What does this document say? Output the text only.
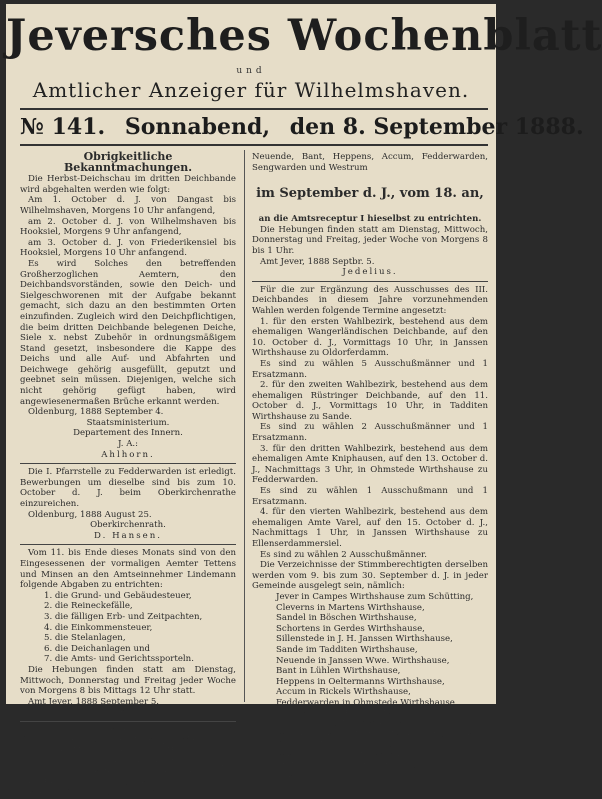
Jeversches Wochenblatt
und
Amtlicher Anzeiger für Wilhelmshaven.
№ 141. Sonnabend, den 8. September 1888.

Obrigkeitliche Bekanntmachungen.

Die Herbst-Deichschau im dritten Deichbande wird abgehalten werden wie folgt:

Am 1. October d. J. von Dangast bis Wilhelmshaven, Morgens 10 Uhr anfangend,

am 2. October d. J. von Wilhelmshaven bis Hooksiel, Morgens 9 Uhr anfangend,

am 3. October d. J. von Friederikensiel bis Hooksiel, Morgens 10 Uhr anfangend.

Es wird Solches den betreffenden Großherzoglichen Aemtern, den Deichbandsvorständen, sowie den Deich- und Sielgeschworenen mit der Aufgabe bekannt gemacht, sich dazu an den bestimmten Orten einzufinden. Zugleich wird den Deichpflichtigen, die beim dritten Deichbande belegenen Deiche, Siele x. nebst Zubehör in ordnungsmäßigem Stand gesetzt, insbesondere die Kappe des Deichs und alle Auf- und Abfahrten und Deichwege gehörig ausgefüllt, geputzt und geebnet sein müssen. Diejenigen, welche sich nicht gehörig gefügt haben, wird angewiesenermaßen Brüche erkannt werden.

Oldenburg, 1888 September 4.

Staatsministerium.

Departement des Innern.

J. A.:

Ahlhorn.

Die I. Pfarrstelle zu Fedderwarden ist erledigt. Bewerbungen um dieselbe sind bis zum 10. October d. J. beim Oberkirchenrathe einzureichen.

Oldenburg, 1888 August 25.

Oberkirchenrath.

D. Hansen.

Vom 11. bis Ende dieses Monats sind von den Eingesessenen der vormaligen Aemter Tettens und Minsen an den Amtseinnehmer Lindemann folgende Abgaben zu entrichten:

1. die Grund- und Gebäudesteuer,

2. die Reineckefälle,

3. die fälligen Erb- und Zeitpachten,

4. die Einkommensteuer,

5. die Stelanlagen,

6. die Deichanlagen und

7. die Amts- und Gerichtssporteln.

Die Hebungen finden statt am Dienstag, Mittwoch, Donnerstag und Freitag jeder Woche von Morgens 8 bis Mittags 12 Uhr statt.

Amt Jever, 1888 September 5.

Jedelius.

Die Grund- und Gebäudesteuer pro 3. und 4. Quartal, die Einkommensteuer pro Mai-October 1888, die Mobiliarsteuer, die Holzkaufgelder, Sporteln und Brüche, die Zehntenrenten pro 1888, die Hundesteuer und die Sparungsgeld des Hebungsbezirks aus den Gemeinden Jever, Cleverns, Sandel, Schortens, Sande,

Neuende, Bant, Heppens, Accum, Fedderwarden, Sengwarden und Westrum

im September d. J., vom 18. an,

an die Amtsreceptur I hieselbst zu entrichten.

Die Hebungen finden statt am Dienstag, Mittwoch, Donnerstag und Freitag, jeder Woche von Morgens 8 bis 1 Uhr.

Amt Jever, 1888 Septbr. 5.

Jedelius.

Für die zur Ergänzung des Ausschusses des III. Deichbandes in diesem Jahre vorzunehmenden Wahlen werden folgende Termine angesetzt:

1. für den ersten Wahlbezirk, bestehend aus dem ehemaligen Wangerländischen Deichbande, auf den 10. October d. J., Vormittags 10 Uhr, in Janssen Wirthshause zu Oldorferdamm.

Es sind zu wählen 5 Ausschußmänner und 1 Ersatzmann.

2. für den zweiten Wahlbezirk, bestehend aus dem ehemaligen Rüstringer Deichbande, auf den 11. October d. J., Vormittags 10 Uhr, in Tadditen Wirthshause zu Sande.

Es sind zu wählen 2 Ausschußmänner und 1 Ersatzmann.

3. für den dritten Wahlbezirk, bestehend aus dem ehemaligen Amte Kniphausen, auf den 13. October d. J., Nachmittags 3 Uhr, in Ohmstede Wirthshause zu Fedderwarden.

Es sind zu wählen 1 Ausschußmann und 1 Ersatzmann.

4. für den vierten Wahlbezirk, bestehend aus dem ehemaligen Amte Varel, auf den 15. October d. J., Nachmittags 1 Uhr, in Janssen Wirthshause zu Ellenserdammersiel.

Es sind zu wählen 2 Ausschußmänner.

Die Verzeichnisse der Stimmberechtigten derselben werden vom 9. bis zum 30. September d. J. in jeder Gemeinde ausgelegt sein, nämlich:

Jever in Campes Wirthshause zum Schütting,

Cleverns in Martens Wirthshause,

Sandel in Böschen Wirthshause,

Schortens in Gerdes Wirthshause,

Sillenstede in J. H. Janssen Wirthshause,

Sande im Tadditen Wirthshause,

Neuende in Janssen Wwe. Wirthshause,

Bant in Lühlen Wirthshause,

Heppens in Oeltermanns Wirthshause,

Accum in Rickels Wirthshause,

Fedderwarden in Ohmstede Wirthshause,

Sengwarden in Hobbies Wirthshause,

Pakens in Jülfs Wirthshause zu Hooksiel,

Waddewarden in Zwitters Wwe. Wirthshause,

Oldorf im Eden Wirthshause,

Wiefels in Ahlrichs Wirthshause,

St. Joost in Kirchhoff Wirthshause zu Altebrücke,
